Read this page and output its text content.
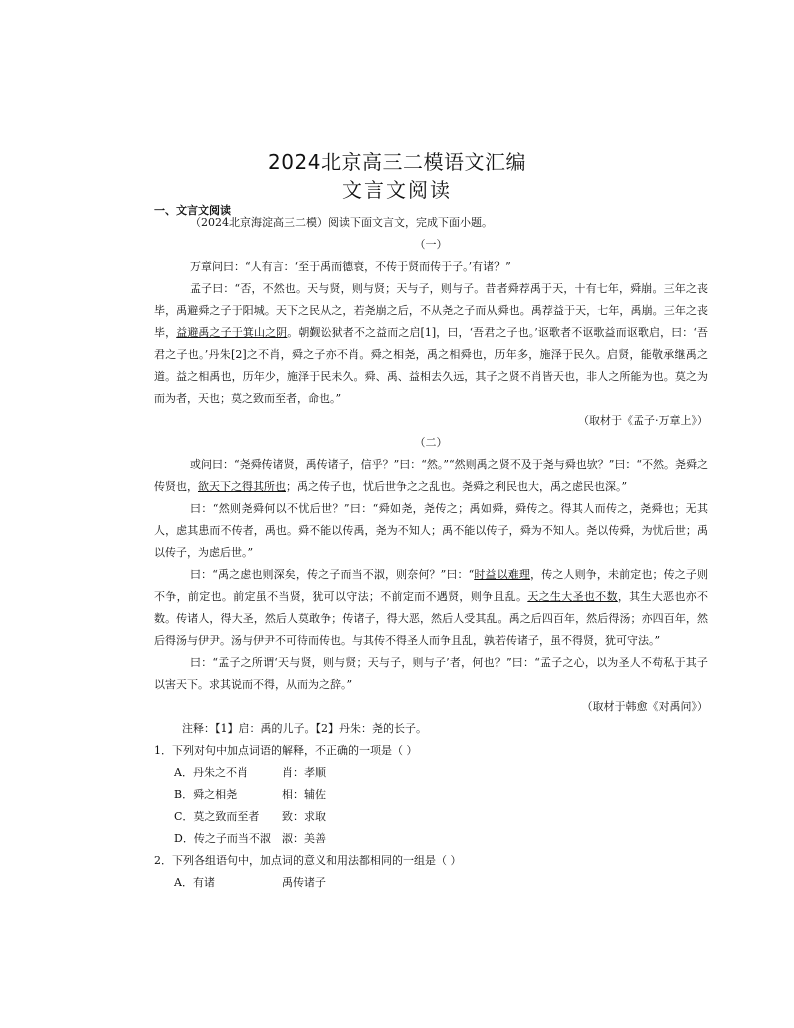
2024北京高三二模语文汇编
文言文阅读
一、文言文阅读

（2024北京海淀高三二模）阅读下面文言文，完成下面小题。

（一）

万章问曰：“人有言：‘至于禹而德衰，不传于贤而传于子。’有诸？”

孟子曰：“否，不然也。天与贤，则与贤；天与子，则与子。昔者舜荐禹于天，十有七年，舜崩。三年之丧毕，禹避舜之子于阳城。天下之民从之，若尧崩之后，不从尧之子而从舜也。禹荐益于天，七年，禹崩。三年之丧毕，益避禹之子于箕山之阴。朝觐讼狱者不之益而之启[1]，曰，‘吾君之子也。’讴歌者不讴歌益而讴歌启，曰：‘吾君之子也。’丹朱[2]之不肖，舜之子亦不肖。舜之相尧，禹之相舜也，历年多，施泽于民久。启贤，能敬承继禹之道。益之相禹也，历年少，施泽于民未久。舜、禹、益相去久远，其子之贤不肖皆天也，非人之所能为也。莫之为而为者，天也；莫之致而至者，命也。”

（取材于《孟子·万章上》）

（二）

或问曰：“尧舜传诸贤，禹传诸子，信乎？”曰：“然。”“然则禹之贤不及于尧与舜也欤？”曰：“不然。尧舜之传贤也，欲天下之得其所也；禹之传子也，忧后世争之之乱也。尧舜之利民也大，禹之虑民也深。”

曰：“然则尧舜何以不忧后世？”曰：“舜如尧，尧传之；禹如舜，舜传之。得其人而传之，尧舜也；无其人，虑其患而不传者，禹也。舜不能以传禹，尧为不知人；禹不能以传子，舜为不知人。尧以传舜，为忧后世；禹以传子，为虑后世。”

曰：“禹之虑也则深矣，传之子而当不淑，则奈何？”曰：“时益以难理，传之人则争，未前定也；传之子则不争，前定也。前定虽不当贤，犹可以守法；不前定而不遇贤，则争且乱。天之生大圣也不数，其生大恶也亦不数。传诸人，得大圣，然后人莫敢争；传诸子，得大恶，然后人受其乱。禹之后四百年，然后得汤；亦四百年，然后得汤与伊尹。汤与伊尹不可待而传也。与其传不得圣人而争且乱，孰若传诸子，虽不得贤，犹可守法。”

曰：“孟子之所谓‘天与贤，则与贤；天与子，则与子’者，何也？”曰：“孟子之心，以为圣人不苟私于其子以害天下。求其说而不得，从而为之辞。”

（取材于韩愈《对禹问》）

注释：【1】启：禹的儿子。【2】丹朱：尧的长子。

1．下列对句中加点词语的解释，不正确的一项是（ ）

A．丹朱之不肖	肖：孝顺

B．舜之相尧	相：辅佐

C．莫之致而至者 致：求取

D．传之子而当不淑 淑：美善

2．下列各组语句中，加点词的意义和用法都相同的一组是（ ）

A．有诸	禹传诸子
